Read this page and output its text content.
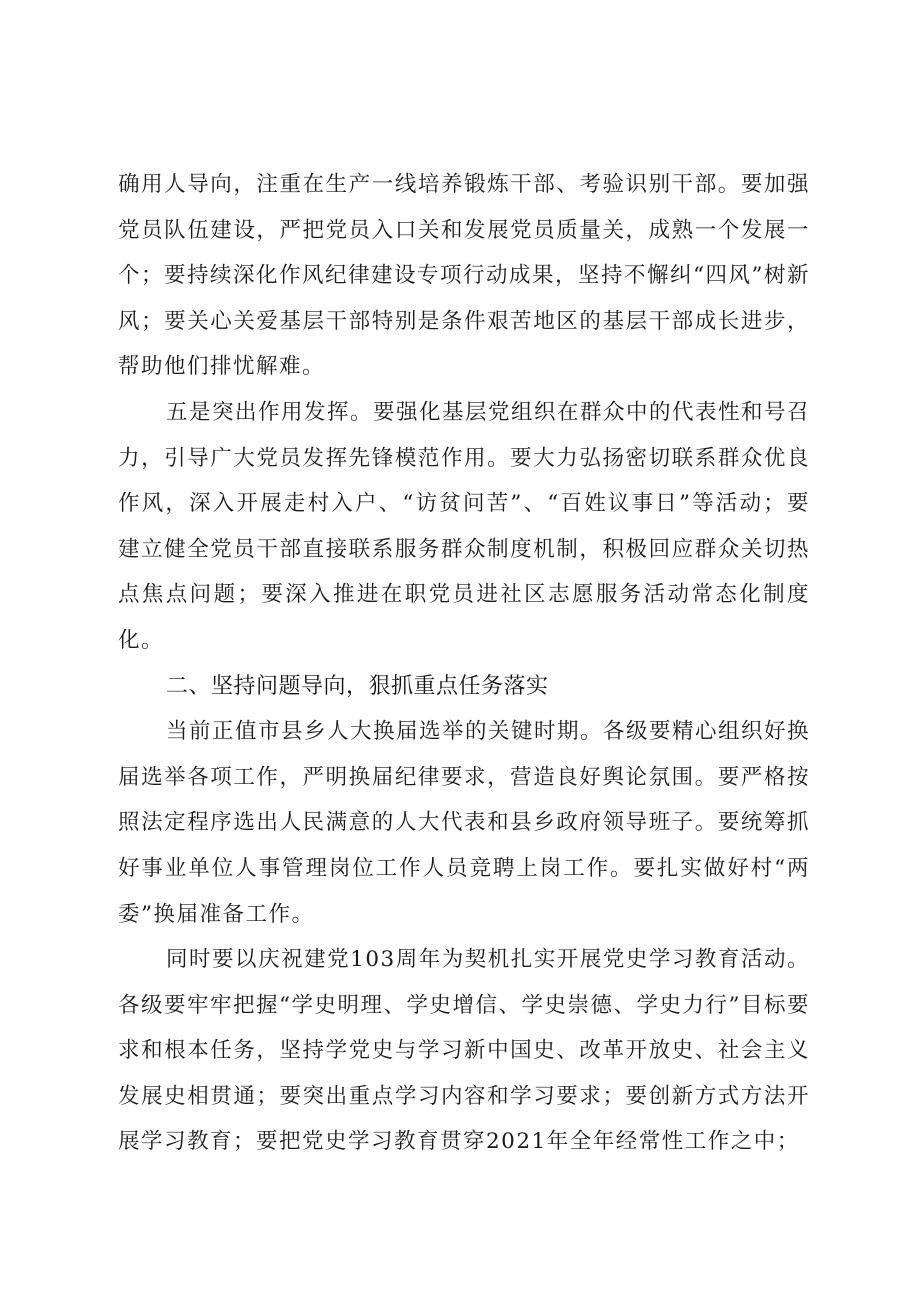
确用人导向，注重在生产一线培养锻炼干部、考验识别干部。要加强党员队伍建设，严把党员入口关和发展党员质量关，成熟一个发展一个；要持续深化作风纪律建设专项行动成果，坚持不懈纠“四风”树新风；要关心关爱基层干部特别是条件艰苦地区的基层干部成长进步，帮助他们排忧解难。

五是突出作用发挥。要强化基层党组织在群众中的代表性和号召力，引导广大党员发挥先锋模范作用。要大力弘扬密切联系群众优良作风，深入开展走村入户、“访贫问苦”、“百姓议事日”等活动；要建立健全党员干部直接联系服务群众制度机制，积极回应群众关切热点焦点问题；要深入推进在职党员进社区志愿服务活动常态化制度化。

二、坚持问题导向，狠抓重点任务落实

当前正值市县乡人大换届选举的关键时期。各级要精心组织好换届选举各项工作，严明换届纪律要求，营造良好舆论氛围。要严格按照法定程序选出人民满意的人大代表和县乡政府领导班子。要统筹抓好事业单位人事管理岗位工作人员竞聘上岗工作。要扎实做好村“两委”换届准备工作。

同时要以庆祝建党103周年为契机扎实开展党史学习教育活动。各级要牢牢把握“学史明理、学史增信、学史崇德、学史力行”目标要求和根本任务，坚持学党史与学习新中国史、改革开放史、社会主义发展史相贯通；要突出重点学习内容和学习要求；要创新方式方法开展学习教育；要把党史学习教育贯穿2021年全年经常性工作之中；
